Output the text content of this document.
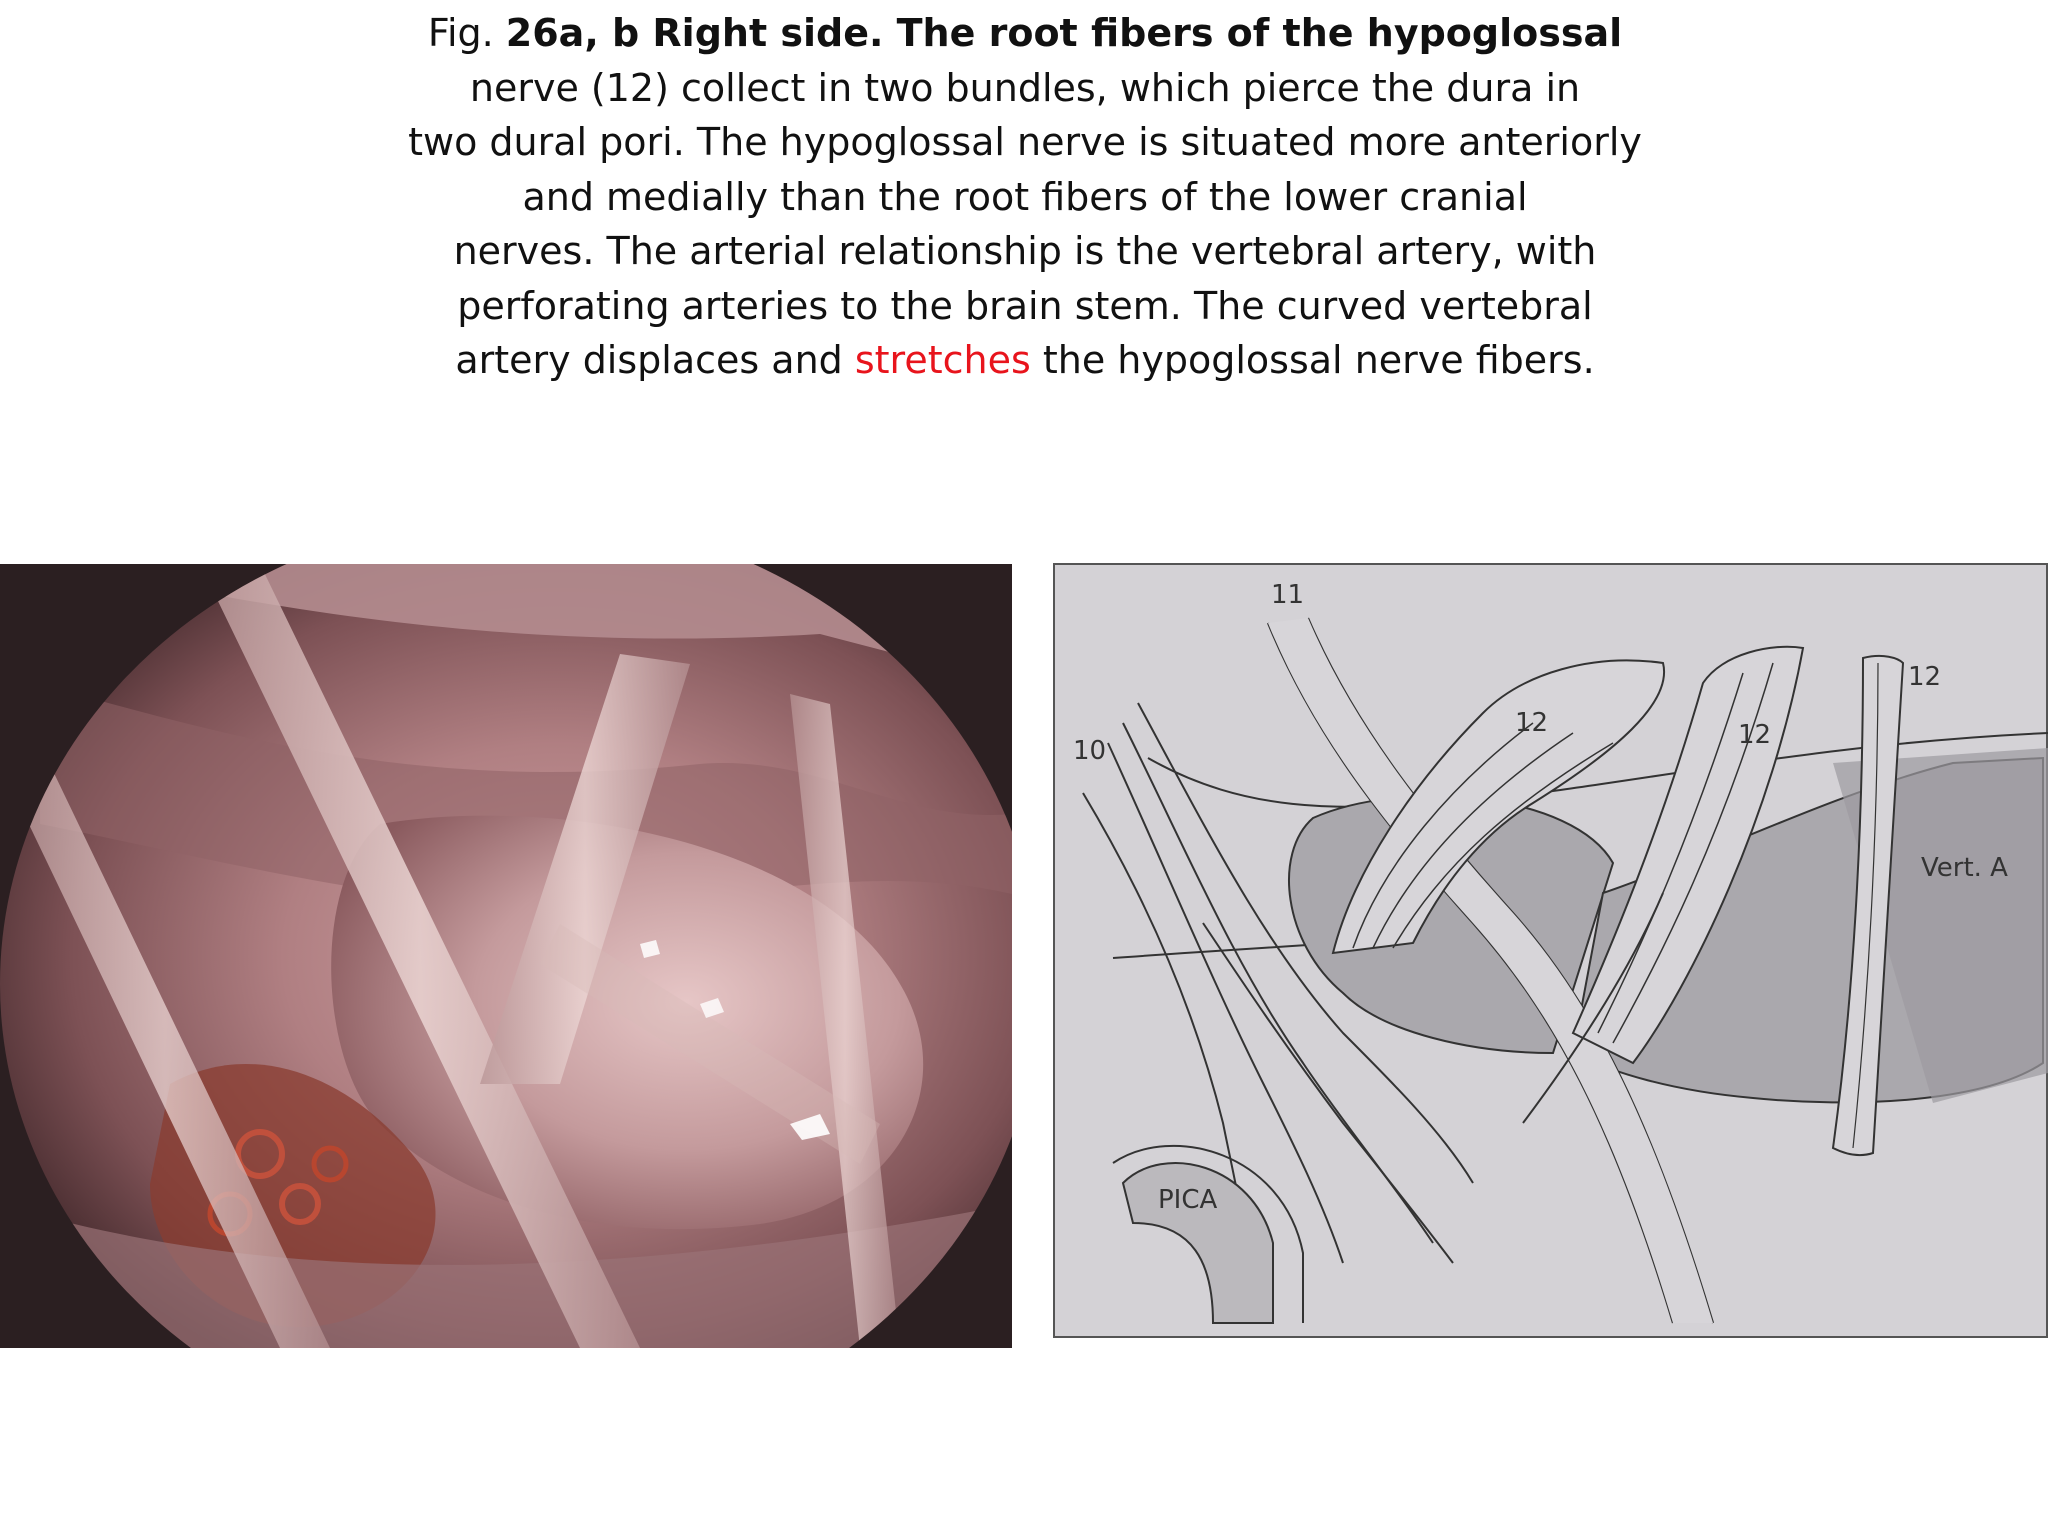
Fig. 26a, b Right side. The root fibers of the hypoglossal
nerve (12) collect in two bundles, which pierce the dura in
two dural pori. The hypoglossal nerve is situated more anteriorly
and medially than the root fibers of the lower cranial
nerves. The arterial relationship is the vertebral artery, with
perforating arteries to the brain stem. The curved vertebral
artery displaces and stretches the hypoglossal nerve fibers.
11
10
12	12
12
Vert. A
PICA
